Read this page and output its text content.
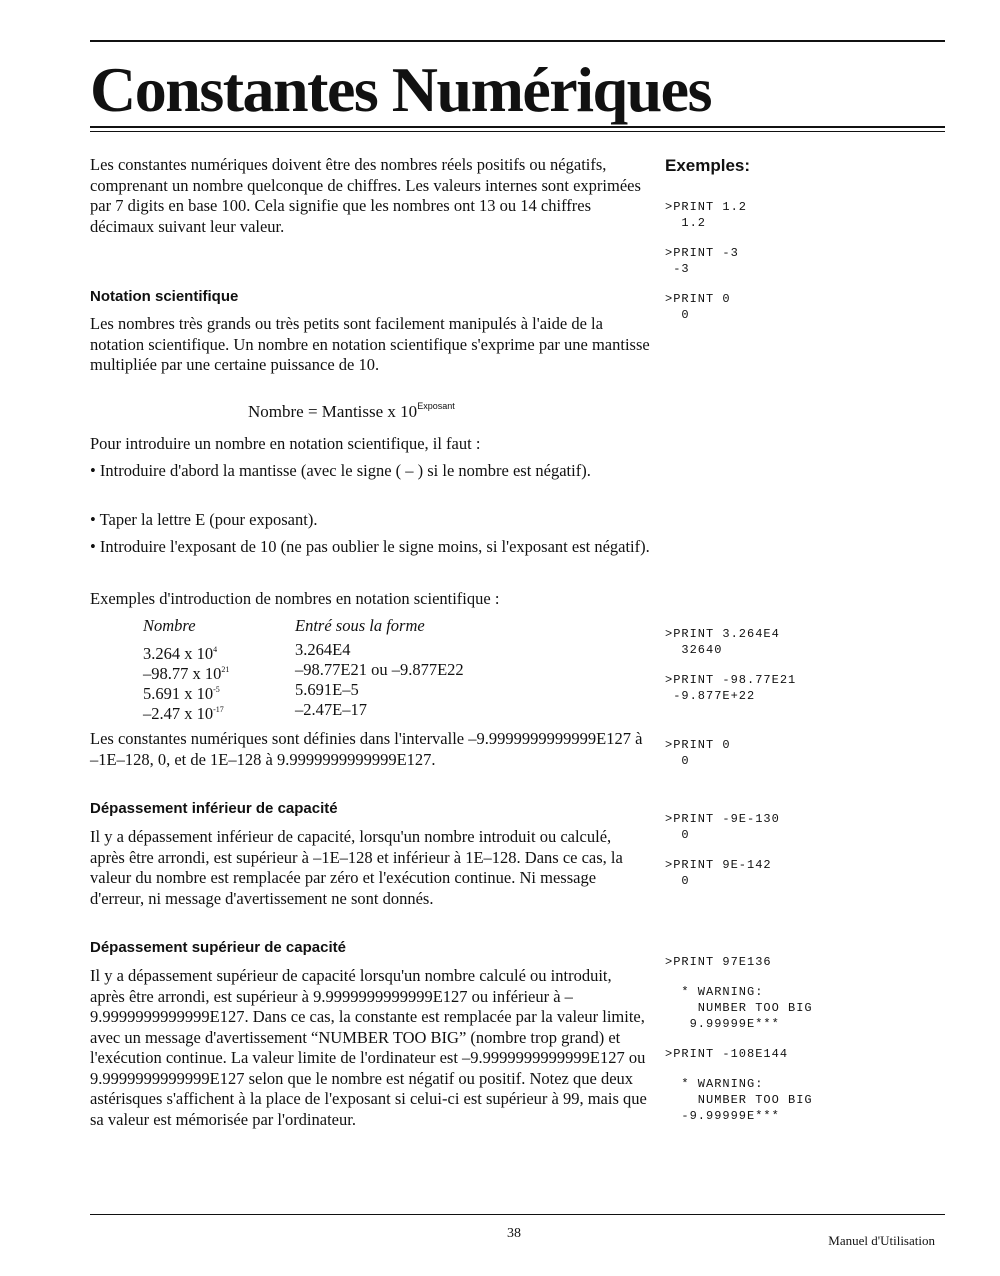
Constantes Numériques

Les constantes numériques doivent être des nombres réels positifs ou négatifs, comprenant un nombre quelconque de chiffres. Les valeurs internes sont exprimées par 7 digits en base 100. Cela signifie que les nombres ont 13 ou 14 chiffres décimaux suivant leur valeur.

Notation scientifique

Les nombres très grands ou très petits sont facilement manipulés à l'aide de la notation scientifique. Un nombre en notation scientifique s'exprime par une mantisse multipliée par une certaine puissance de 10.

Nombre = Mantisse x $10^{Exposant}$

Pour introduire un nombre en notation scientifique, il faut :

• Introduire d'abord la mantisse (avec le signe ( – ) si le nombre est négatif).
• Taper la lettre E (pour exposant).
• Introduire l'exposant de 10 (ne pas oublier le signe moins, si l'exposant est négatif).

Exemples d'introduction de nombres en notation scientifique :

Nombre	Entré sous la forme
3.264 x $10^4$	3.264E4
–98.77 x $10^{21}$	–98.77E21 ou –9.877E22
5.691 x $10^{-5}$	5.691E–5
–2.47 x $10^{-17}$	–2.47E–17

Les constantes numériques sont définies dans l'intervalle –9.9999999999999E127 à –1E–128, 0, et de 1E–128 à 9.9999999999999E127.

Dépassement inférieur de capacité

Il y a dépassement inférieur de capacité, lorsqu'un nombre introduit ou calculé, après être arrondi, est supérieur à –1E–128 et inférieur à 1E–128. Dans ce cas, la valeur du nombre est remplacée par zéro et l'exécution continue. Ni message d'erreur, ni message d'avertissement ne sont donnés.

Dépassement supérieur de capacité

Il y a dépassement supérieur de capacité lorsqu'un nombre calculé ou introduit, après être arrondi, est supérieur à 9.9999999999999E127 ou inférieur à –9.9999999999999E127. Dans ce cas, la constante est remplacée par la valeur limite, avec un message d'avertissement “NUMBER TOO BIG” (nombre trop grand) et l'exécution continue. La valeur limite de l'ordinateur est –9.9999999999999E127 ou 9.9999999999999E127 selon que le nombre est négatif ou positif. Notez que deux astérisques s'affichent à la place de l'exposant si celui-ci est supérieur à 99, mais que sa valeur est mémorisée par l'ordinateur.

Exemples:
>PRINT 1.2
1.2
>PRINT -3
-3
>PRINT 0
0
>PRINT 3.264E4
32640
>PRINT -98.77E21
-9.877E+22
>PRINT 0
0
>PRINT -9E-130
0
>PRINT 9E-142
0
>PRINT 97E136
* WARNING:
NUMBER TOO BIG
9.99999E***
>PRINT -108E144
* WARNING:
NUMBER TOO BIG
-9.99999E***
38	Manuel d'Utilisation
